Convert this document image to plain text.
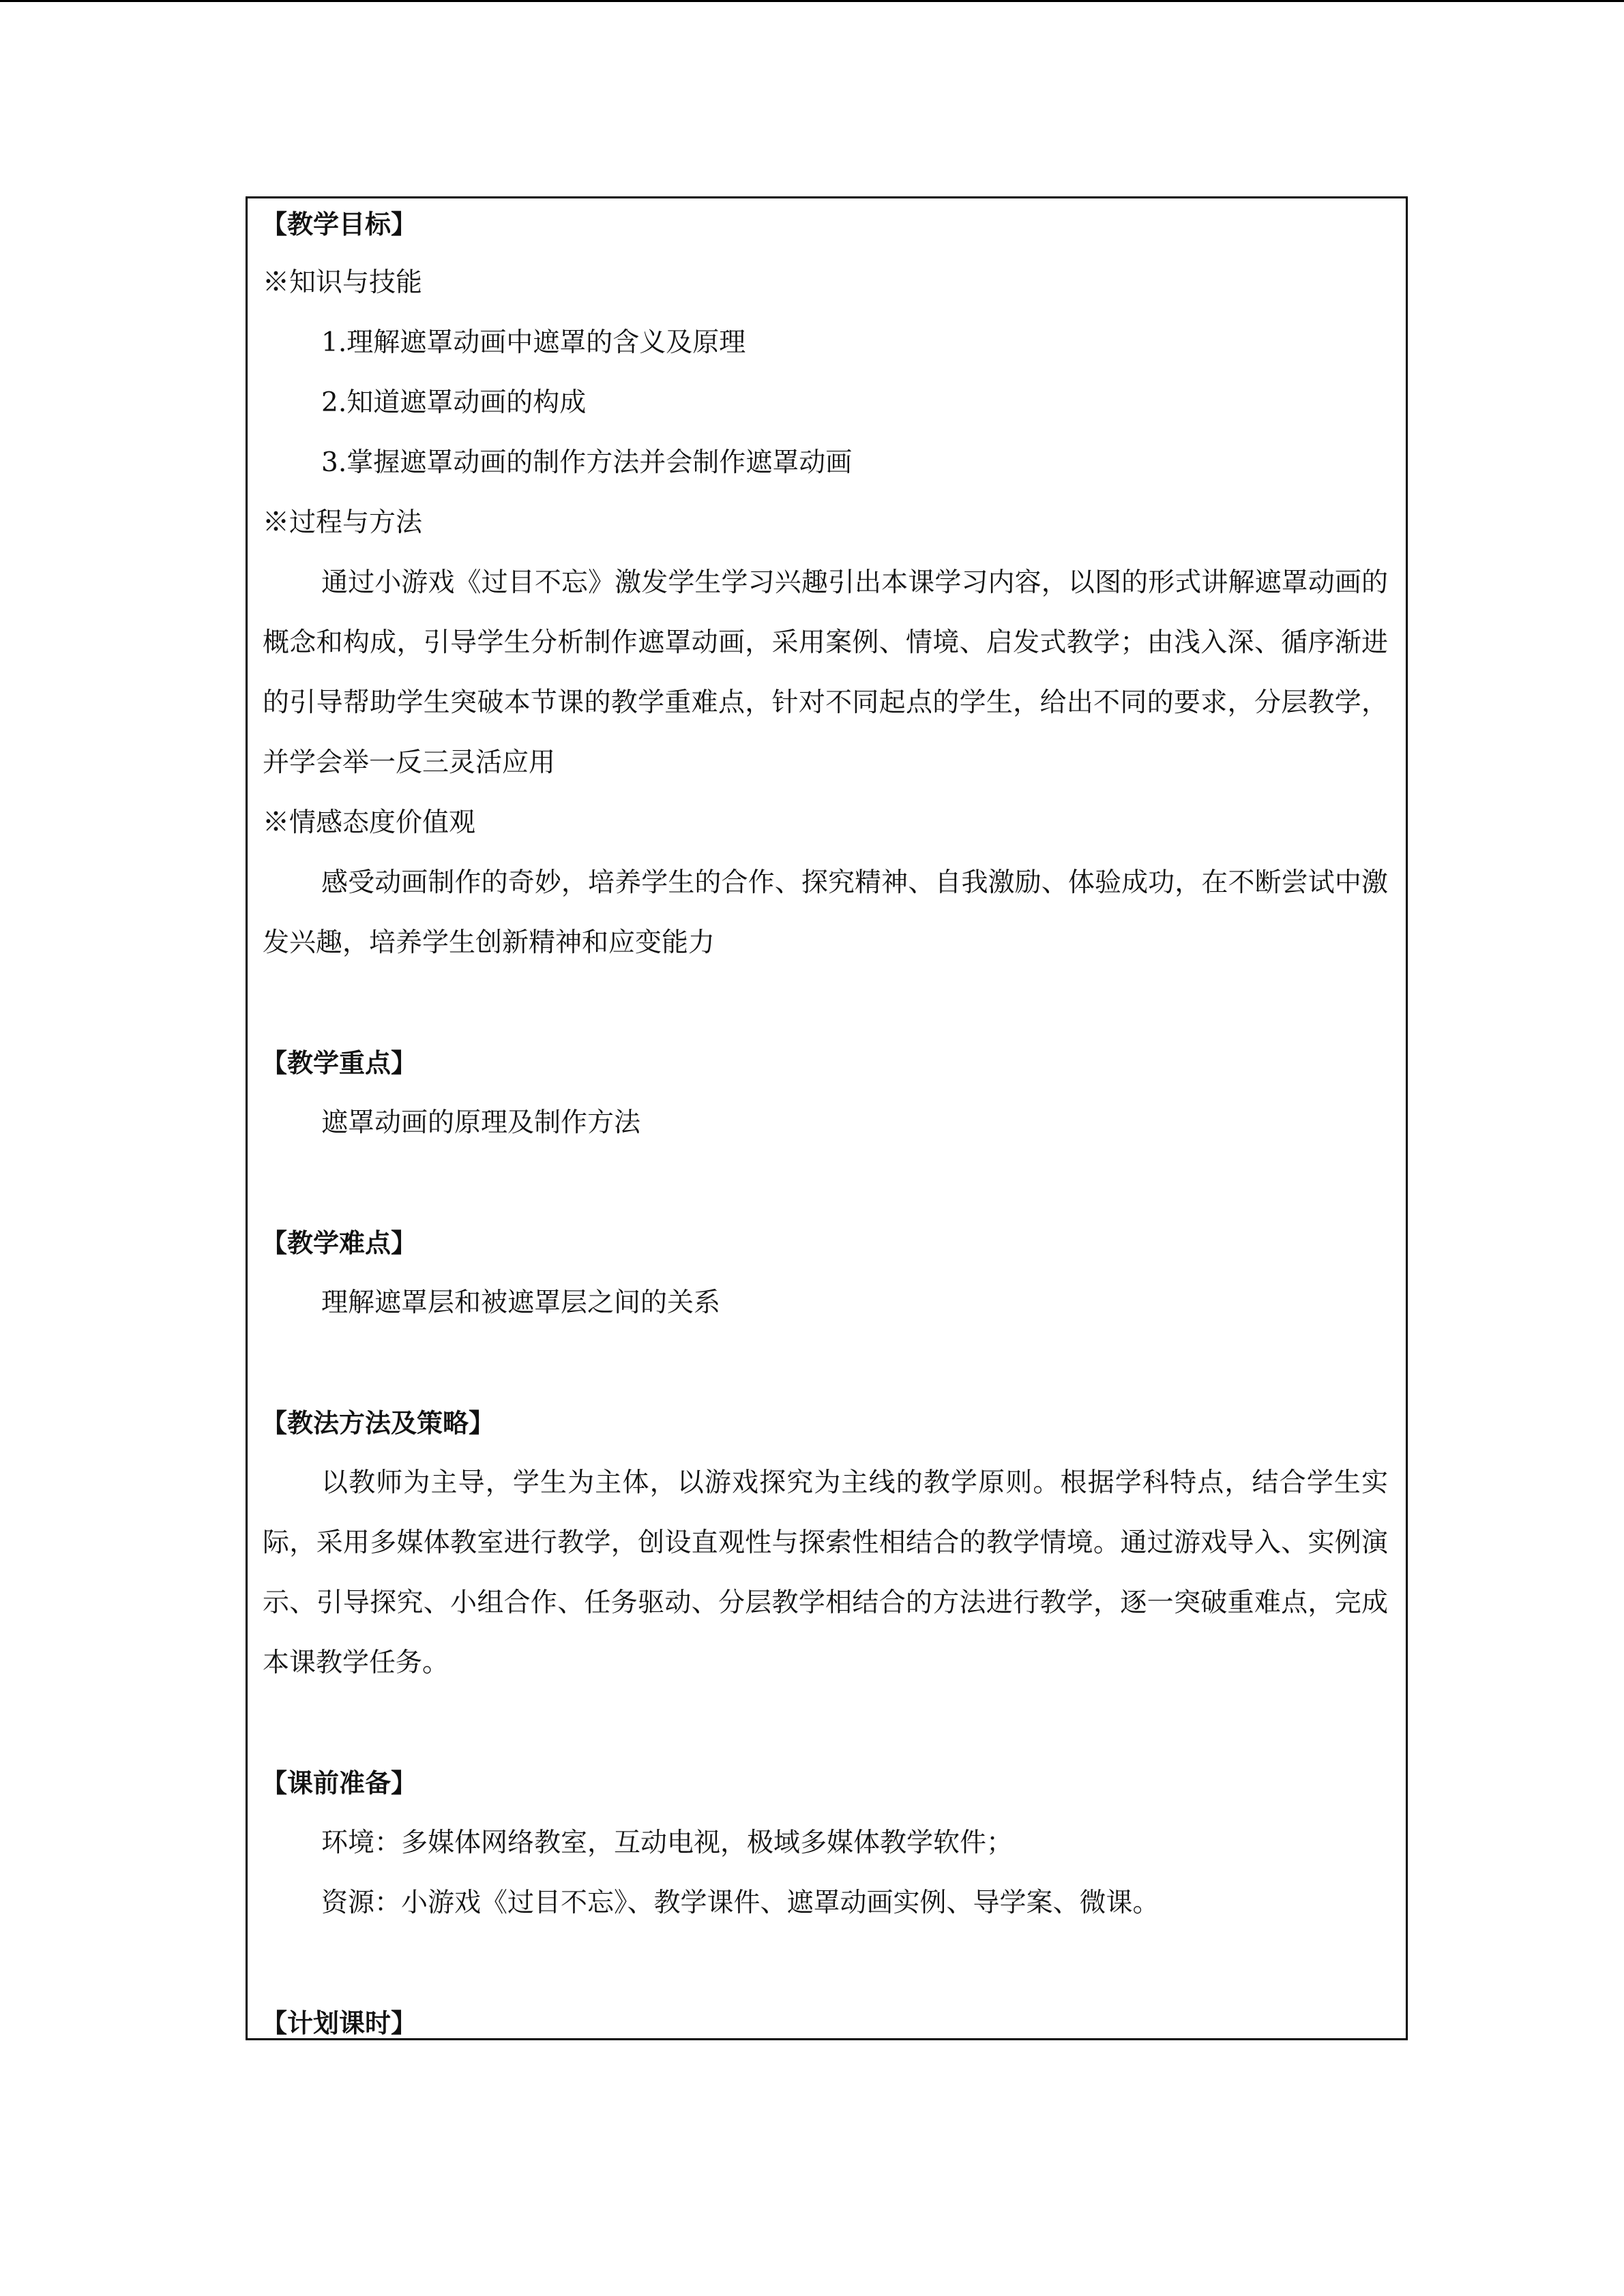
【教学目标】
※知识与技能
1.理解遮罩动画中遮罩的含义及原理
2.知道遮罩动画的构成
3.掌握遮罩动画的制作方法并会制作遮罩动画
※过程与方法
通过小游戏《过目不忘》激发学生学习兴趣引出本课学习内容，以图的形式讲解遮罩动画的概念和构成，引导学生分析制作遮罩动画，采用案例、情境、启发式教学；由浅入深、循序渐进的引导帮助学生突破本节课的教学重难点，针对不同起点的学生，给出不同的要求，分层教学，并学会举一反三灵活应用
※情感态度价值观
感受动画制作的奇妙，培养学生的合作、探究精神、自我激励、体验成功，在不断尝试中激发兴趣，培养学生创新精神和应变能力
【教学重点】
遮罩动画的原理及制作方法
【教学难点】
理解遮罩层和被遮罩层之间的关系
【教法方法及策略】
以教师为主导，学生为主体，以游戏探究为主线的教学原则。根据学科特点，结合学生实际，采用多媒体教室进行教学，创设直观性与探索性相结合的教学情境。通过游戏导入、实例演示、引导探究、小组合作、任务驱动、分层教学相结合的方法进行教学，逐一突破重难点，完成本课教学任务。
【课前准备】
环境：多媒体网络教室，互动电视，极域多媒体教学软件；
资源：小游戏《过目不忘》、教学课件、遮罩动画实例、导学案、微课。
【计划课时】
